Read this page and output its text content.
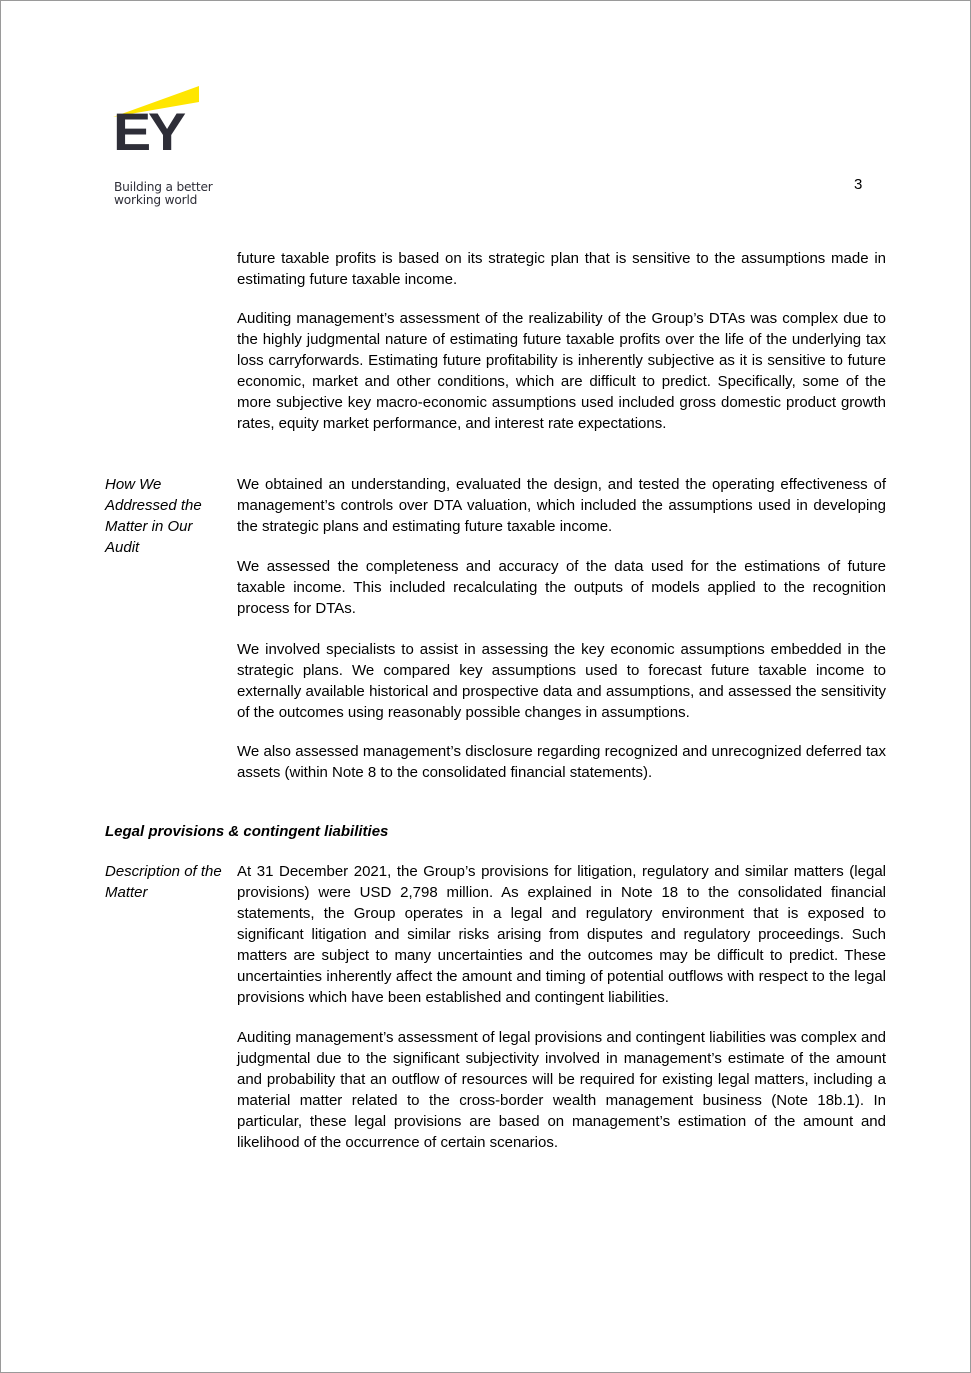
EY
Building a better
working world
3

future taxable profits is based on its strategic plan that is sensitive to the assumptions made in estimating future taxable income.

Auditing management’s assessment of the realizability of the Group’s DTAs was complex due to the highly judgmental nature of estimating future taxable profits over the life of the underlying tax loss carryforwards. Estimating future profitability is inherently subjective as it is sensitive to future economic, market and other conditions, which are difficult to predict. Specifically, some of the more subjective key macro-economic assumptions used included gross domestic product growth rates, equity market performance, and interest rate expectations.

How We Addressed the Matter in Our Audit

We obtained an understanding, evaluated the design, and tested the operating effectiveness of management’s controls over DTA valuation, which included the assumptions used in developing the strategic plans and estimating future taxable income.

We assessed the completeness and accuracy of the data used for the estimations of future taxable income. This included recalculating the outputs of models applied to the recognition process for DTAs.

We involved specialists to assist in assessing the key economic assumptions embedded in the strategic plans. We compared key assumptions used to forecast future taxable income to externally available historical and prospective data and assumptions, and assessed the sensitivity of the outcomes using reasonably possible changes in assumptions.

We also assessed management’s disclosure regarding recognized and unrecognized deferred tax assets (within Note 8 to the consolidated financial statements).

Legal provisions & contingent liabilities

Description of the Matter

At 31 December 2021, the Group’s provisions for litigation, regulatory and similar matters (legal provisions) were USD 2,798 million. As explained in Note 18 to the consolidated financial statements, the Group operates in a legal and regulatory environment that is exposed to significant litigation and similar risks arising from disputes and regulatory proceedings. Such matters are subject to many uncertainties and the outcomes may be difficult to predict. These uncertainties inherently affect the amount and timing of potential outflows with respect to the legal provisions which have been established and contingent liabilities.

Auditing management’s assessment of legal provisions and contingent liabilities was complex and judgmental due to the significant subjectivity involved in management’s estimate of the amount and probability that an outflow of resources will be required for existing legal matters, including a material matter related to the cross-border wealth management business (Note 18b.1). In particular, these legal provisions are based on management’s estimation of the amount and likelihood of the occurrence of certain scenarios.
